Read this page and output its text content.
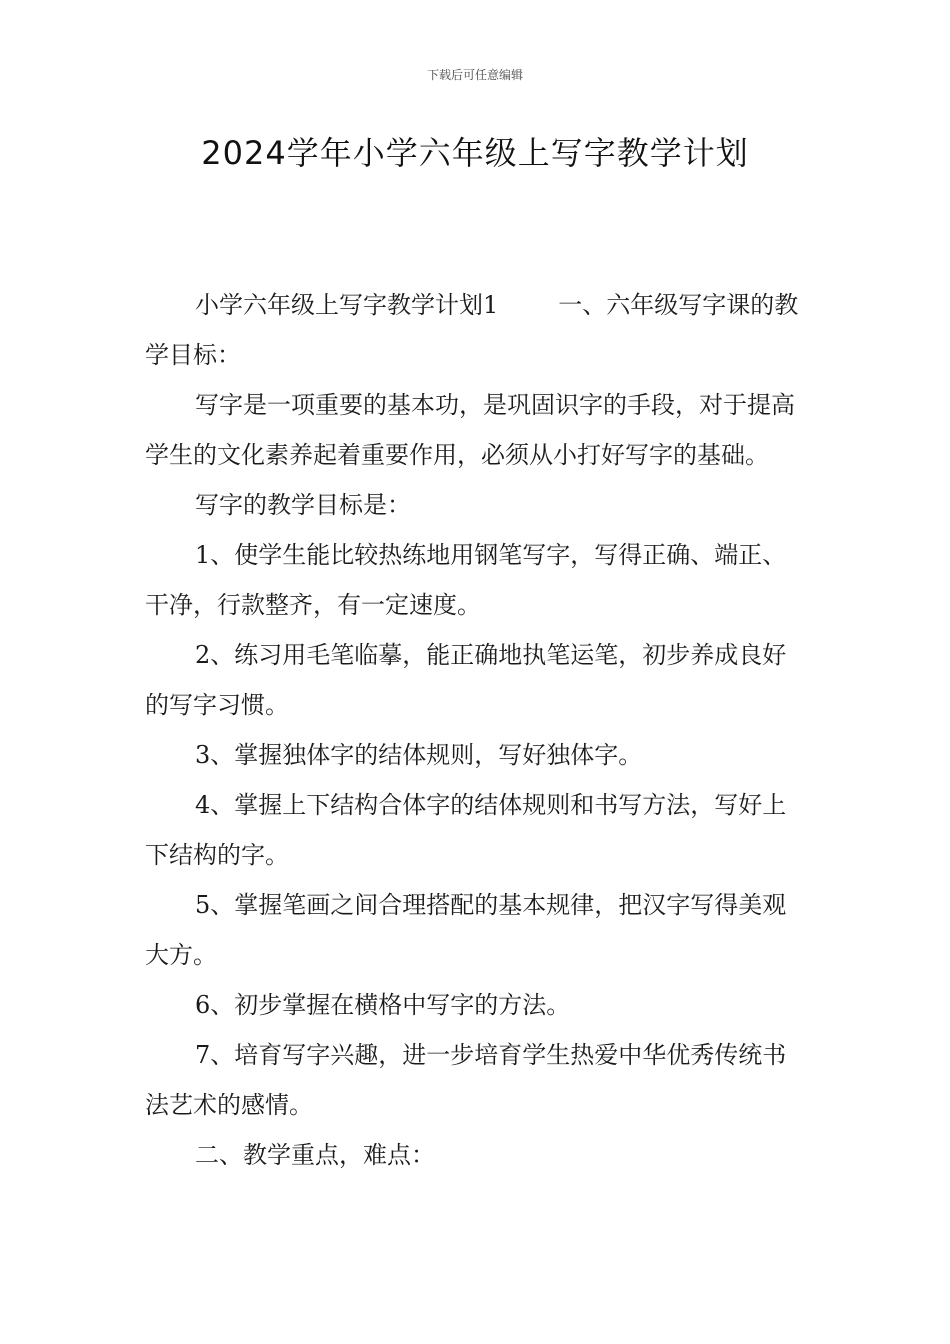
下载后可任意编辑
2024学年小学六年级上写字教学计划

小学六年级上写字教学计划1	一、六年级写字课的教学目标：

写字是一项重要的基本功，是巩固识字的手段，对于提高学生的文化素养起着重要作用，必须从小打好写字的基础。

写字的教学目标是：

1、使学生能比较热练地用钢笔写字，写得正确、端正、干净，行款整齐，有一定速度。

2、练习用毛笔临摹，能正确地执笔运笔，初步养成良好的写字习惯。

3、掌握独体字的结体规则，写好独体字。

4、掌握上下结构合体字的结体规则和书写方法，写好上下结构的字。

5、掌握笔画之间合理搭配的基本规律，把汉字写得美观大方。

6、初步掌握在横格中写字的方法。

7、培育写字兴趣，进一步培育学生热爱中华优秀传统书法艺术的感情。

二、教学重点，难点：
